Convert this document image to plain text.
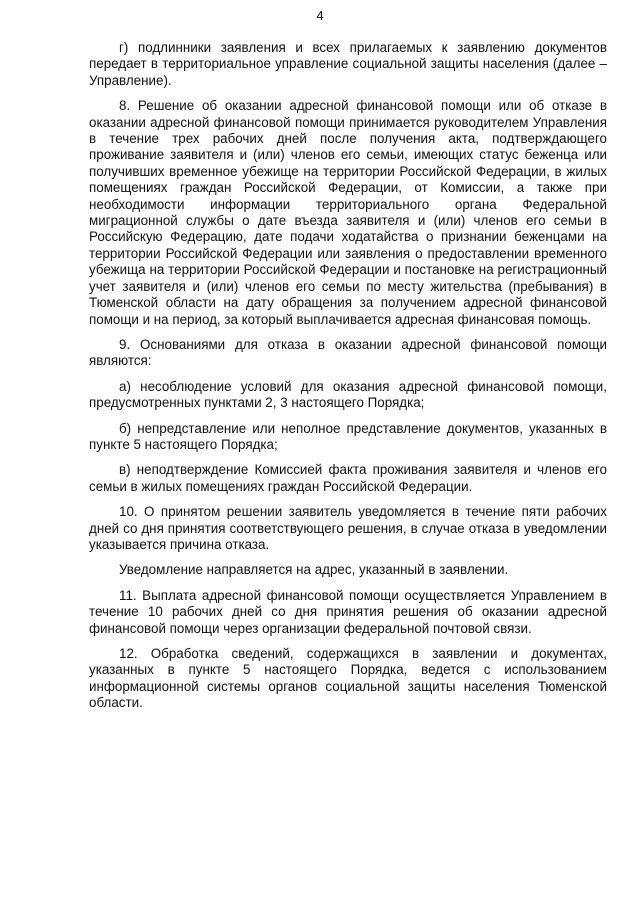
4

г) подлинники заявления и всех прилагаемых к заявлению документов передает в территориальное управление социальной защиты населения (далее – Управление).

8. Решение об оказании адресной финансовой помощи или об отказе в оказании адресной финансовой помощи принимается руководителем Управления в течение трех рабочих дней после получения акта, подтверждающего проживание заявителя и (или) членов его семьи, имеющих статус беженца или получивших временное убежище на территории Российской Федерации, в жилых помещениях граждан Российской Федерации, от Комиссии, а также при необходимости информации территориального органа Федеральной миграционной службы о дате въезда заявителя и (или) членов его семьи в Российскую Федерацию, дате подачи ходатайства о признании беженцами на территории Российской Федерации или заявления о предоставлении временного убежища на территории Российской Федерации и постановке на регистрационный учет заявителя и (или) членов его семьи по месту жительства (пребывания) в Тюменской области на дату обращения за получением адресной финансовой помощи и на период, за который выплачивается адресная финансовая помощь.

9. Основаниями для отказа в оказании адресной финансовой помощи являются:

а) несоблюдение условий для оказания адресной финансовой помощи, предусмотренных пунктами 2, 3 настоящего Порядка;

б) непредставление или неполное представление документов, указанных в пункте 5 настоящего Порядка;

в) неподтверждение Комиссией факта проживания заявителя и членов его семьи в жилых помещениях граждан Российской Федерации.

10. О принятом решении заявитель уведомляется в течение пяти рабочих дней со дня принятия соответствующего решения, в случае отказа в уведомлении указывается причина отказа.

Уведомление направляется на адрес, указанный в заявлении.

11. Выплата адресной финансовой помощи осуществляется Управлением в течение 10 рабочих дней со дня принятия решения об оказании адресной финансовой помощи через организации федеральной почтовой связи.

12. Обработка сведений, содержащихся в заявлении и документах, указанных в пункте 5 настоящего Порядка, ведется с использованием информационной системы органов социальной защиты населения Тюменской области.
